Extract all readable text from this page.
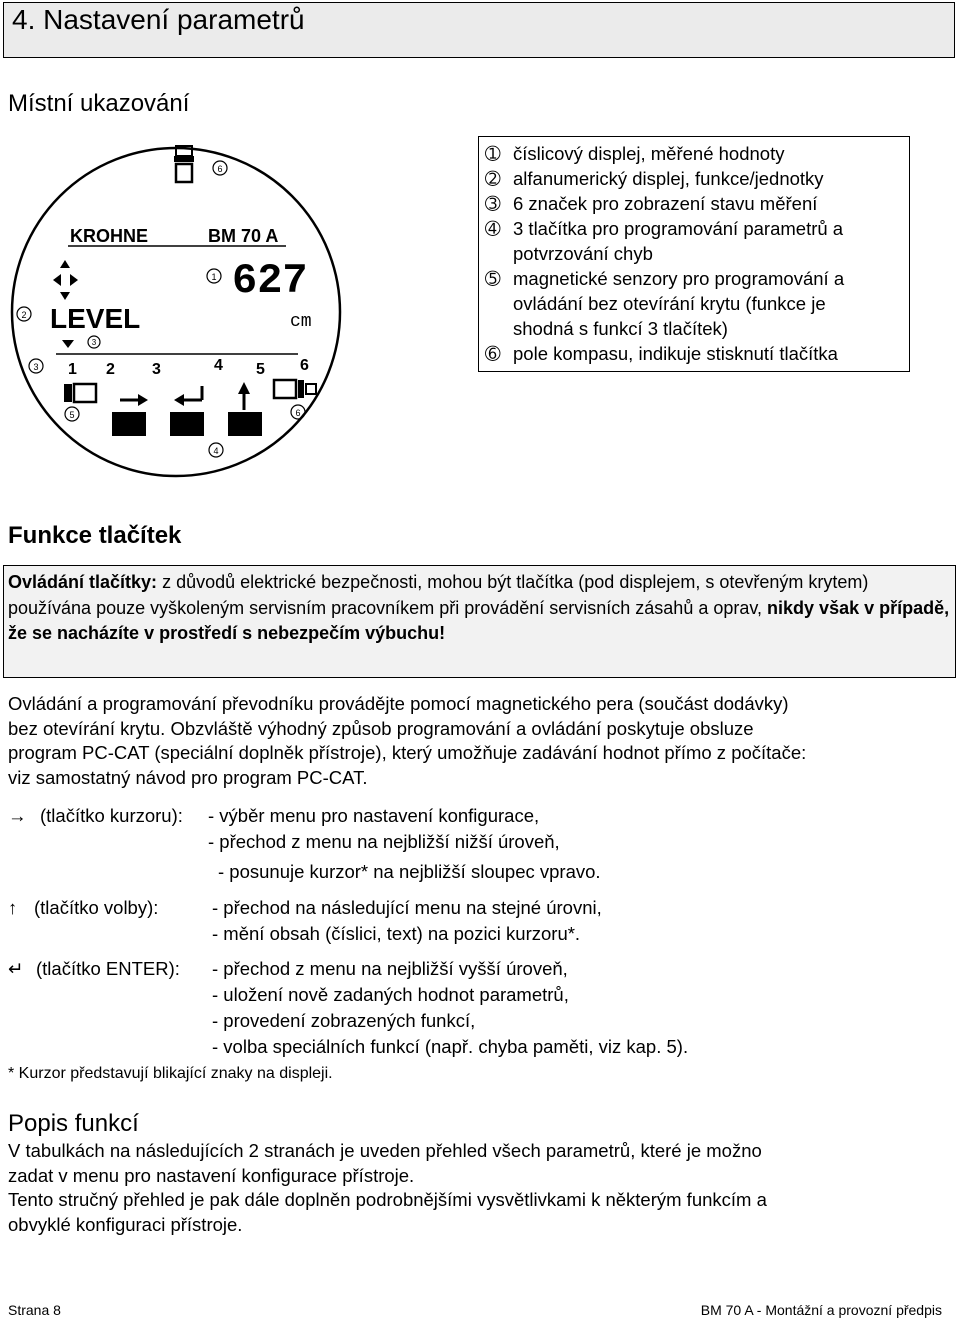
4. Nastavení parametrů
Místní ukazování
6
KROHNE	BM 70 A
1 627
2 LEVEL	cm
3
3 1 2 3	4 5 6
5	6
4
➀ číslicový displej, měřené hodnoty
➁ alfanumerický displej, funkce/jednotky
➂ 6 značek pro zobrazení stavu měření
➃ 3 tlačítka pro programování parametrů a
potvrzování chyb
➄ magnetické senzory pro programování a
ovládání bez otevírání krytu (funkce je
shodná s funkcí 3 tlačítek)
➅ pole kompasu, indikuje stisknutí tlačítka
Funkce tlačítek
Ovládání tlačítky: z důvodů elektrické bezpečnosti, mohou být tlačítka (pod displejem, s otevřeným krytem) používána pouze vyškoleným servisním pracovníkem při provádění servisních zásahů a oprav, nikdy však v případě, že se nacházíte v prostředí s nebezpečím výbuchu!
Ovládání a programování převodníku provádějte pomocí magnetického pera (součást dodávky)
bez otevírání krytu. Obzvláště výhodný způsob programování a ovládání poskytuje obsluze
program PC-CAT (speciální doplněk přístroje), který umožňuje zadávání hodnot přímo z počítače:
viz samostatný návod pro program PC-CAT.
→ (tlačítko kurzoru): - výběr menu pro nastavení konfigurace,
- přechod z menu na nejbližší nižší úroveň,
- posunuje kurzor* na nejbližší sloupec vpravo.
↑ (tlačítko volby):	- přechod na následující menu na stejné úrovni,
- mění obsah (číslici, text) na pozici kurzoru*.
↵ (tlačítko ENTER): - přechod z menu na nejbližší vyšší úroveň,
- uložení nově zadaných hodnot parametrů,
- provedení zobrazených funkcí,
- volba speciálních funkcí (např. chyba paměti, viz kap. 5).
* Kurzor představují blikající znaky na displeji.
Popis funkcí
V tabulkách na následujících 2 stranách je uveden přehled všech parametrů, které je možno
zadat v menu pro nastavení konfigurace přístroje.
Tento stručný přehled je pak dále doplněn podrobnějšími vysvětlivkami k některým funkcím a
obvyklé konfiguraci přístroje.
Strana 8	BM 70 A - Montážní a provozní předpis
